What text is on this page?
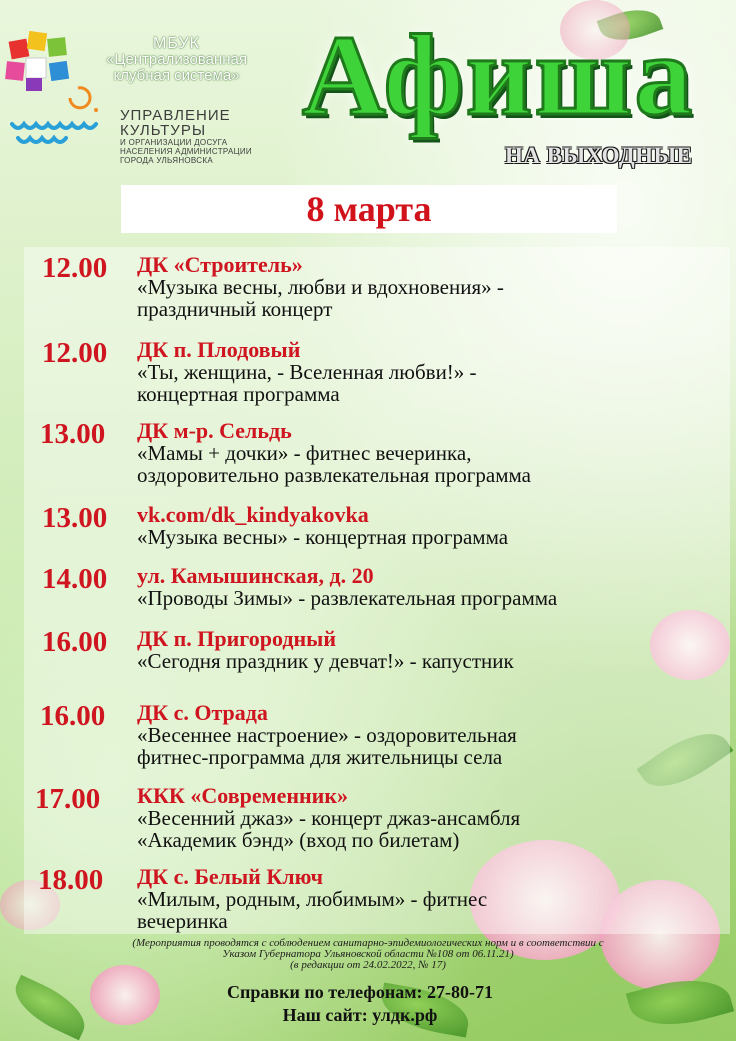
МБУК
«Централизованная
клубная система»
УПРАВЛЕНИЕ
КУЛЬТУРЫ
И ОРГАНИЗАЦИИ ДОСУГА
НАСЕЛЕНИЯ АДМИНИСТРАЦИИ
ГОРОДА УЛЬЯНОВСКА
Афиша
НА ВЫХОДНЫЕ
8 марта
12.00 ДК «Строитель»
«Музыка весны, любви и вдохновения» -
праздничный концерт
12.00 ДК п. Плодовый
«Ты, женщина, - Вселенная любви!» -
концертная программа
13.00 ДК м-р. Сельдь
«Мамы + дочки» - фитнес вечеринка,
оздоровительно развлекательная программа
13.00 vk.com/dk_kindyakovka
«Музыка весны» - концертная программа
14.00 ул. Камышинская, д. 20
«Проводы Зимы» - развлекательная программа
16.00 ДК п. Пригородный
«Сегодня праздник у девчат!» - капустник
16.00 ДК с. Отрада
«Весеннее настроение» - оздоровительная
фитнес-программа для жительницы села
17.00 ККК «Современник»
«Весенний джаз» - концерт джаз-ансамбля
«Академик бэнд» (вход по билетам)
18.00 ДК с. Белый Ключ
«Милым, родным, любимым» - фитнес
вечеринка
(Мероприятия проводятся с соблюдением санитарно-эпидемиологических норм и в соответствии с
Указом Губернатора Ульяновской области №108 от 06.11.21)
(в редакции от 24.02.2022, № 17)
Справки по телефонам: 27-80-71
Наш сайт: улдк.рф
